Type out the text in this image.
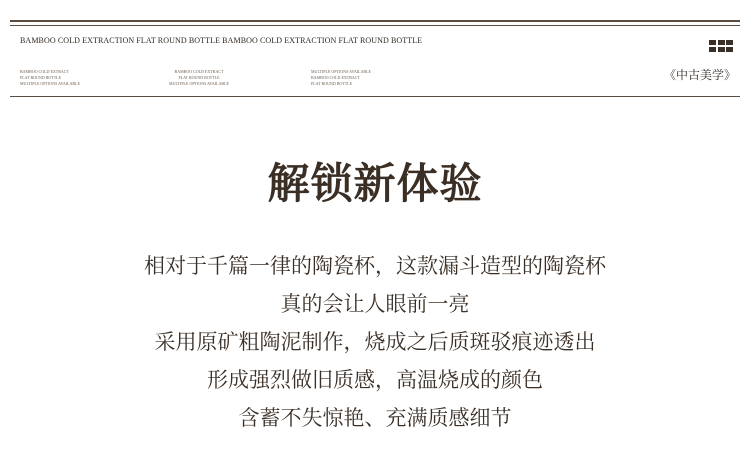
BAMBOO COLD EXTRACTION FLAT ROUND BOTTLE BAMBOO COLD EXTRACTION FLAT ROUND BOTTLE
BAMBOO COLD EXTRACT
FLAT ROUND BOTTLE
MULTIPLE OPTIONS AVAILABLE
BAMBOO COLD EXTRACT
FLAT ROUND BOTTLE
MULTIPLE OPTIONS AVAILABLE
MULTIPLE OPTIONS AVAILABLE
BAMBOO COLD EXTRACT
FLAT ROUND BOTTLE
《中古美学》
解锁新体验
相对于千篇一律的陶瓷杯，这款漏斗造型的陶瓷杯
真的会让人眼前一亮
采用原矿粗陶泥制作，烧成之后质斑驳痕迹透出
形成强烈做旧质感，高温烧成的颜色
含蓄不失惊艳、充满质感细节
